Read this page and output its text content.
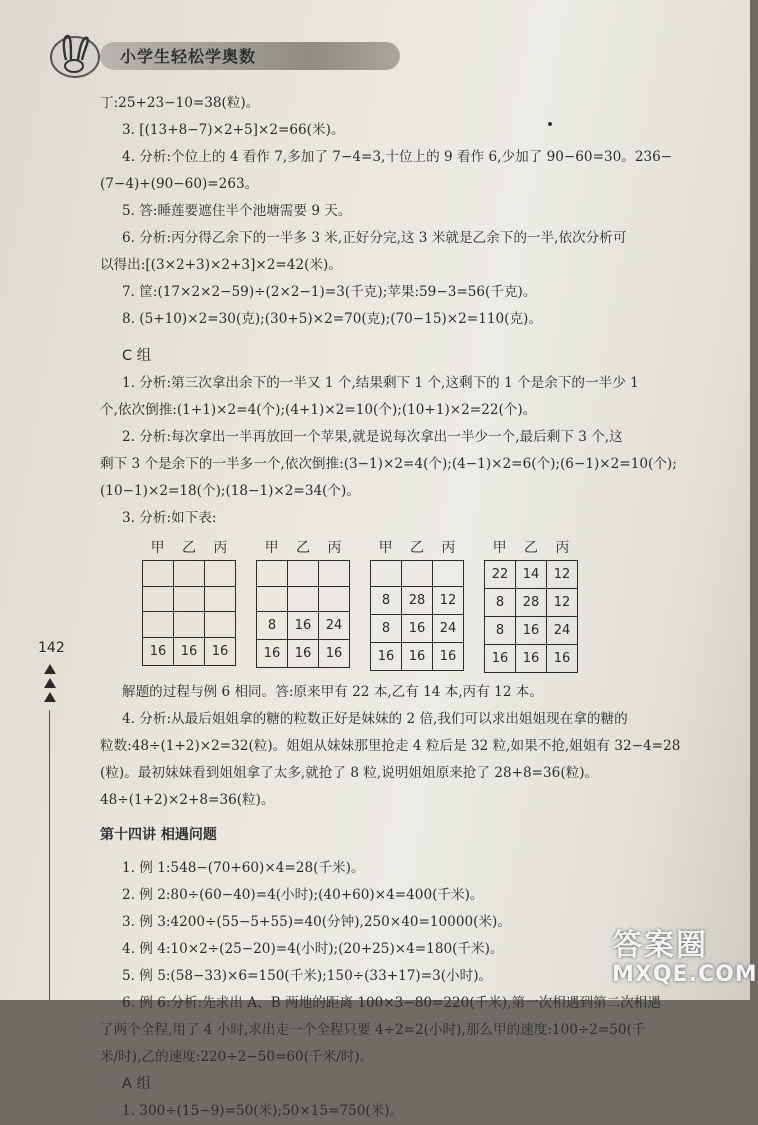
小学生轻松学奥数
142
丁:25+23−10=38(粒)。
3. [(13+8−7)×2+5]×2=66(米)。
4. 分析:个位上的 4 看作 7,多加了 7−4=3,十位上的 9 看作 6,少加了 90−60=30。236−
(7−4)+(90−60)=263。
5. 答:睡莲要遮住半个池塘需要 9 天。
6. 分析:丙分得乙余下的一半多 3 米,正好分完,这 3 米就是乙余下的一半,依次分析可
以得出:[(3×2+3)×2+3]×2=42(米)。
7. 筐:(17×2×2−59)÷(2×2−1)=3(千克);苹果:59−3=56(千克)。
8. (5+10)×2=30(克);(30+5)×2=70(克);(70−15)×2=110(克)。
C 组
1. 分析:第三次拿出余下的一半又 1 个,结果剩下 1 个,这剩下的 1 个是余下的一半少 1
个,依次倒推:(1+1)×2=4(个);(4+1)×2=10(个);(10+1)×2=22(个)。
2. 分析:每次拿出一半再放回一个苹果,就是说每次拿出一半少一个,最后剩下 3 个,这
剩下 3 个是余下的一半多一个,依次倒推:(3−1)×2=4(个);(4−1)×2=6(个);(6−1)×2=10(个);
(10−1)×2=18(个);(18−1)×2=34(个)。
3. 分析:如下表:
甲 乙 丙

16	16	16
甲 乙 丙

8	16	24
16	16	16
甲 乙 丙

8	28	12
8	16	24
16	16	16
甲 乙 丙
22	14	12
8	28	12
8	16	24
16	16	16
解题的过程与例 6 相同。答:原来甲有 22 本,乙有 14 本,丙有 12 本。
4. 分析:从最后姐姐拿的糖的粒数正好是妹妹的 2 倍,我们可以求出姐姐现在拿的糖的
粒数:48÷(1+2)×2=32(粒)。姐姐从妹妹那里抢走 4 粒后是 32 粒,如果不抢,姐姐有 32−4=28
(粒)。最初妹妹看到姐姐拿了太多,就抢了 8 粒,说明姐姐原来抢了 28+8=36(粒)。
48÷(1+2)×2+8=36(粒)。
第十四讲 相遇问题
1. 例 1:548−(70+60)×4=28(千米)。
2. 例 2:80÷(60−40)=4(小时);(40+60)×4=400(千米)。
3. 例 3:4200÷(55−5+55)=40(分钟),250×40=10000(米)。
4. 例 4:10×2÷(25−20)=4(小时);(20+25)×4=180(千米)。
5. 例 5:(58−33)×6=150(千米);150÷(33+17)=3(小时)。
6. 例 6:分析:先求出 A、B 两地的距离 100×3−80=220(千米),第一次相遇到第二次相遇
了两个全程,用了 4 小时,求出走一个全程只要 4÷2=2(小时),那么甲的速度:100÷2=50(千
米/时),乙的速度:220÷2−50=60(千米/时)。
A 组
1. 300÷(15−9)=50(米);50×15=750(米)。
答案圈
MXQE.COM
